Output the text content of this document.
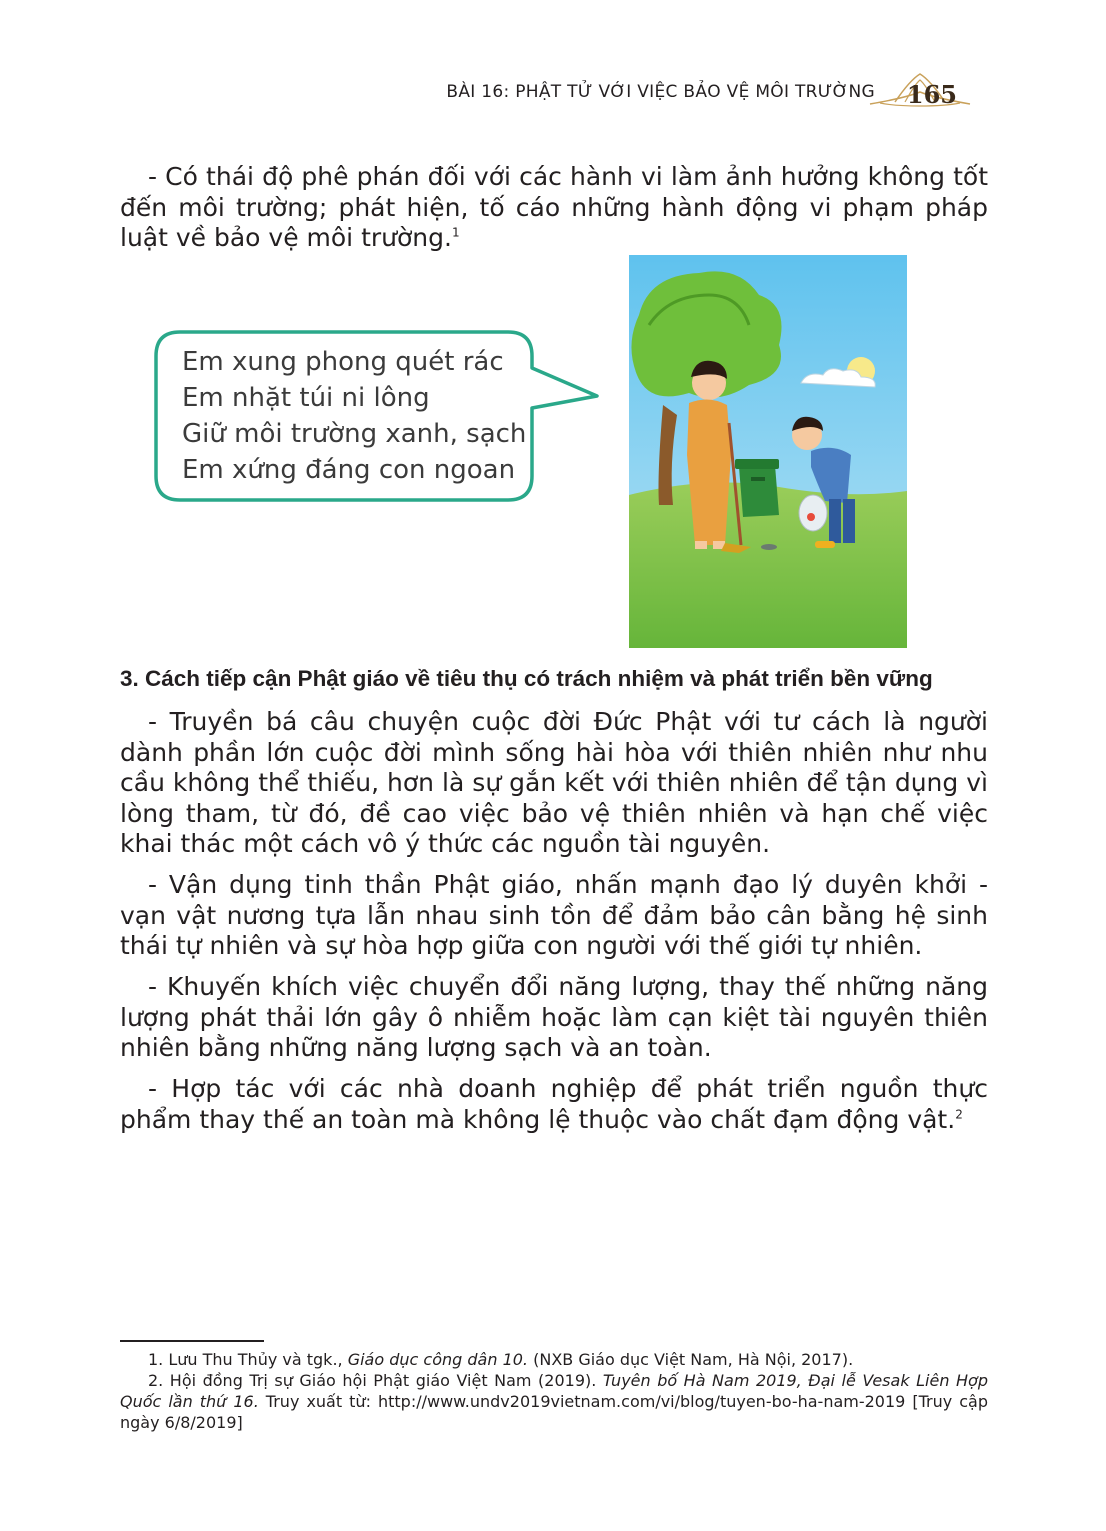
BÀI 16: PHẬT TỬ VỚI VIỆC BẢO VỆ MÔI TRƯỜNG 165

- Có thái độ phê phán đối với các hành vi làm ảnh hưởng không tốt đến môi trường; phát hiện, tố cáo những hành động vi phạm pháp luật về bảo vệ môi trường.$^1$

Em xung phong quét rác
Em nhặt túi ni lông
Giữ môi trường xanh, sạch
Em xứng đáng con ngoan
3. Cách tiếp cận Phật giáo về tiêu thụ có trách nhiệm và phát triển bền vững

- Truyền bá câu chuyện cuộc đời Đức Phật với tư cách là người dành phần lớn cuộc đời mình sống hài hòa với thiên nhiên như nhu cầu không thể thiếu, hơn là sự gắn kết với thiên nhiên để tận dụng vì lòng tham, từ đó, đề cao việc bảo vệ thiên nhiên và hạn chế việc khai thác một cách vô ý thức các nguồn tài nguyên.

- Vận dụng tinh thần Phật giáo, nhấn mạnh đạo lý duyên khởi - vạn vật nương tựa lẫn nhau sinh tồn để đảm bảo cân bằng hệ sinh thái tự nhiên và sự hòa hợp giữa con người với thế giới tự nhiên.

- Khuyến khích việc chuyển đổi năng lượng, thay thế những năng lượng phát thải lớn gây ô nhiễm hoặc làm cạn kiệt tài nguyên thiên nhiên bằng những năng lượng sạch và an toàn.

- Hợp tác với các nhà doanh nghiệp để phát triển nguồn thực phẩm thay thế an toàn mà không lệ thuộc vào chất đạm động vật.$^2$

1. Lưu Thu Thủy và tgk., Giáo dục công dân 10. (NXB Giáo dục Việt Nam, Hà Nội, 2017).

2. Hội đồng Trị sự Giáo hội Phật giáo Việt Nam (2019). Tuyên bố Hà Nam 2019, Đại lễ Vesak Liên Hợp Quốc lần thứ 16. Truy xuất từ: http://www.undv2019vietnam.com/vi/blog/tuyen-bo-ha-nam-2019 [Truy cập ngày 6/8/2019]
